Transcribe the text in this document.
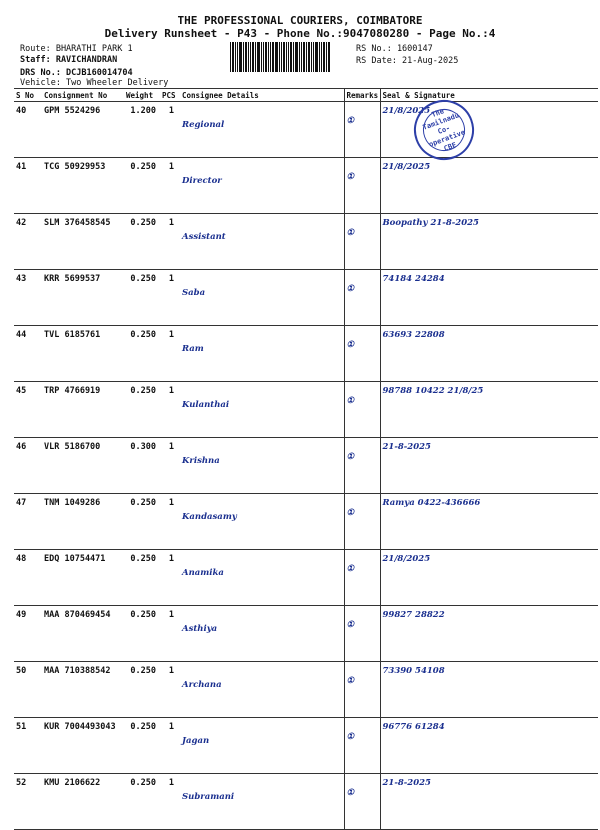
THE PROFESSIONAL COURIERS, COIMBATORE
Delivery Runsheet - P43 - Phone No.:9047080280 - Page No.:4
Route: BHARATHI PARK 1
Staff: RAVICHANDRAN
DRS No.: DCJB160014704
Vehicle: Two Wheeler Delivery
RS No.: 1600147
RS Date: 21-Aug-2025
S No	Consignment No	Weight	PCS	Consignee Details	Remarks	Seal & Signature
40	GPM 5524296	1.200	1	Regional	①	21/8/2025
41	TCG 50929953	0.250	1	Director	①	21/8/2025
42	SLM 376458545	0.250	1	Assistant	①	Boopathy 21-8-2025
43	KRR 5699537	0.250	1	Saba	①	74184 24284
44	TVL 6185761	0.250	1	Ram	①	63693 22808
45	TRP 4766919	0.250	1	Kulanthai	①	98788 10422 21/8/25
46	VLR 5186700	0.300	1	Krishna	①	21-8-2025
47	TNM 1049286	0.250	1	Kandasamy	①	Ramya 0422-436666
48	EDQ 10754471	0.250	1	Anamika	①	21/8/2025
49	MAA 870469454	0.250	1	Asthiya	①	99827 28822
50	MAA 710388542	0.250	1	Archana	①	73390 54108
51	KUR 7004493043	0.250	1	Jagan	①	96776 61284
52	KMU 2106622	0.250	1	Subramani	①	21-8-2025
The Tamilnadu Co-operative CBE
